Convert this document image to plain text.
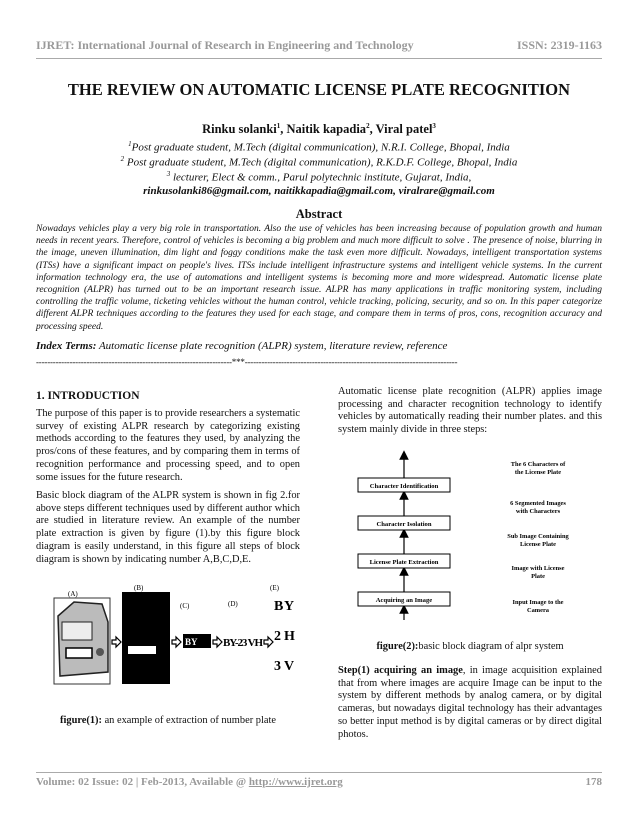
IJRET: International Journal of Research in Engineering and Technology	ISSN: 2319-1163
THE REVIEW ON AUTOMATIC LICENSE PLATE RECOGNITION
Rinku solanki$^1$, Naitik kapadia$^2$, Viral patel$^3$
$^1$Post graduate student, M.Tech (digital communication), N.R.I. College, Bhopal, India
$^2$ Post graduate student, M.Tech (digital communication), R.K.D.F. College, Bhopal, India
$^3$ lecturer, Elect & comm., Parul polytechnic institute, Gujarat, India,
rinkusolanki86@gmail.com, naitikkapadia@gmail.com, viralrare@gmail.com
Abstract
Nowadays vehicles play a very big role in transportation. Also the use of vehicles has been increasing because of population growth and human needs in recent years. Therefore, control of vehicles is becoming a big problem and much more difficult to solve . The presence of noise, blurring in the image, uneven illumination, dim light and foggy conditions make the task even more difficult. Nowadays, intelligent transportation systems (ITSs) have a significant impact on people's lives. ITSs include intelligent infrastructure systems and intelligent vehicle systems. In the current information technology era, the use of automations and intelligent systems is becoming more and more widespread. Automatic license plate recognition (ALPR) has turned out to be an important research issue. ALPR has many applications in traffic monitoring system, including controlling the traffic volume, ticketing vehicles without the human control, vehicle tracking, policing, security, and so on. In this paper categorize different ALPR techniques according to the features they used for each stage, and compare them in terms of pros, cons, recognition accuracy and processing speed.
Index Terms: Automatic license plate recognition (ALPR) system, literature review, reference
----------------------------------------------------------------------***----------------------------------------------------------------------------
1. INTRODUCTION
The purpose of this paper is to provide researchers a systematic survey of existing ALPR research by categorizing existing methods according to the features they used, by analyzing the pros/cons of these features, and by comparing them in terms of recognition performance and processing speed, and to open some issues for the future research.
Basic block diagram of the ALPR system is shown in fig 2.for above steps different techniques used by different author which are studied in literature review. An example of the number plate extraction is given by figure (1).by this figure block diagram is easily understand, in this figure all steps of block diagram is shown by indicating number A,B,C,D,E.
BY BY-23 VH
B Y
2 H
3 V
(A)
(B)
(C)	(D)
(E)
figure(1): an example of extraction of number plate
Automatic license plate recognition (ALPR) applies image processing and character recognition technology to identify vehicles by automatically reading their number plates. and this system mainly divide in three steps:
Character Identification
Character Isolation
License Plate Extraction
Acquiring an Image
The 6 Characters of
the License Plate
6 Segmented Images
with Characters
Sub Image Containing
License Plate
Image with License
Plate
Input Image to the
Camera
figure(2):basic block diagram of alpr system
Step(1) acquiring an image, in image acquisition explained that from where images are acquire Image can be input to the system by different methods by analog camera, or by digital cameras, but nowadays digital technology has their advantages so better input method is by digital cameras or by direct digital photos.
Volume: 02 Issue: 02 | Feb-2013, Available @ http://www.ijret.org	178
